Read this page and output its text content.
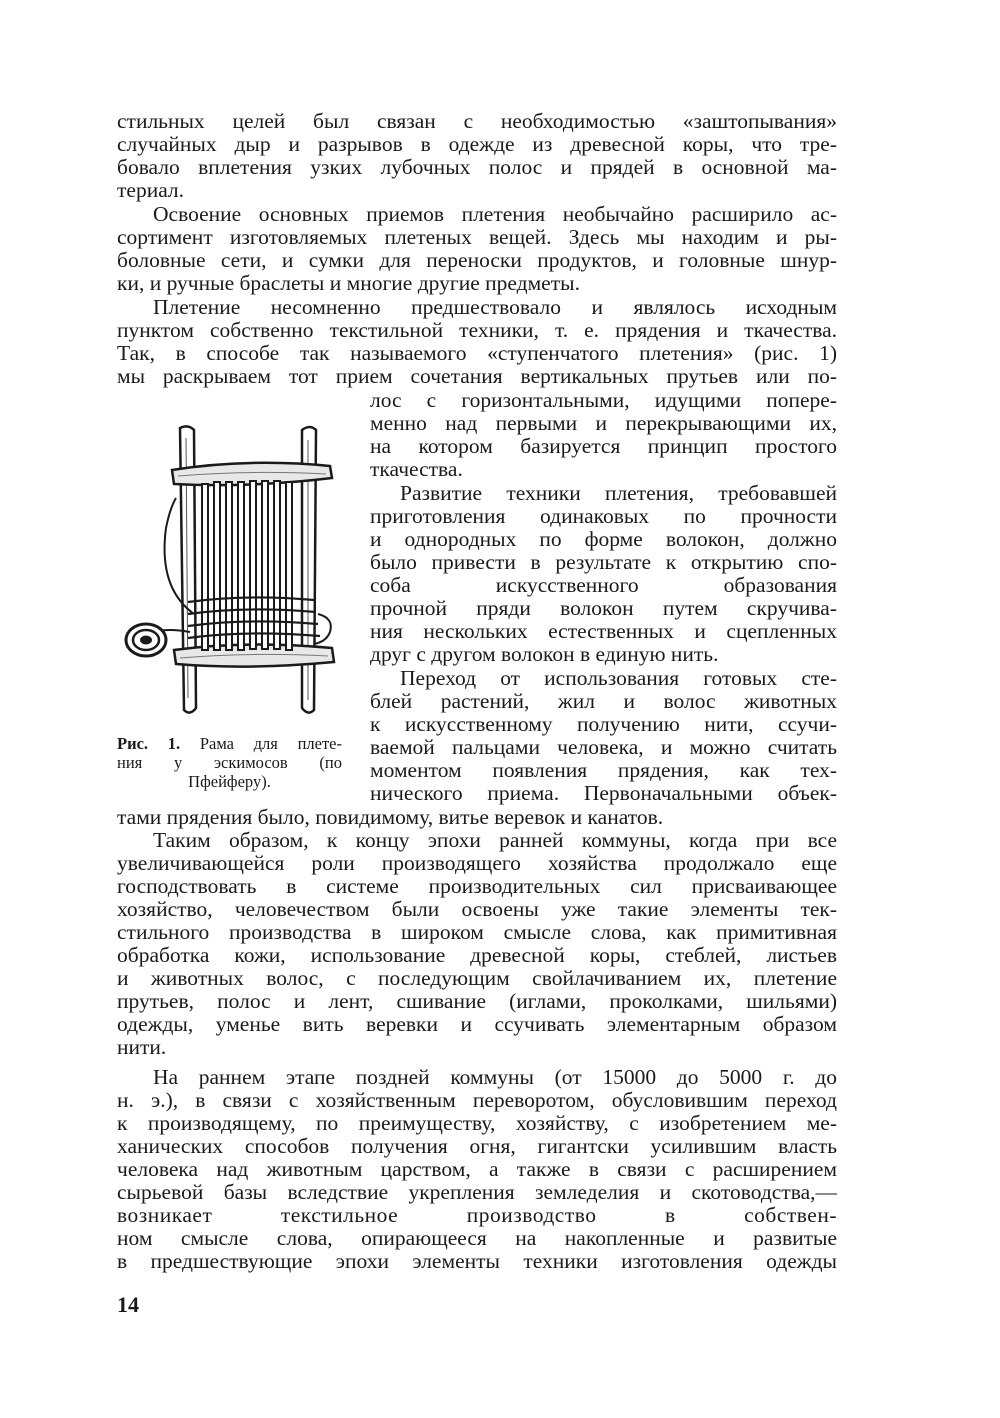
стильных целей был связан с необходимостью «заштопывания»
случайных дыр и разрывов в одежде из древесной коры, что тре-
бовало вплетения узких лубочных полос и прядей в основной ма-
териал.
Освоение основных приемов плетения необычайно расширило ас-
сортимент изготовляемых плетеных вещей. Здесь мы находим и ры-
боловные сети, и сумки для переноски продуктов, и головные шнур-
ки, и ручные браслеты и многие другие предметы.
Плетение несомненно предшествовало и являлось исходным
пунктом собственно текстильной техники, т. е. прядения и ткачества.
Так, в способе так называемого «ступенчатого плетения» (рис. 1)
мы раскрываем тот прием сочетания вертикальных прутьев или по-
Рис. 1. Рама для плете-
ния у эскимосов (по
Пфейферу).
лос с горизонтальными, идущими попере-
менно над первыми и перекрывающими их,
на котором базируется принцип простого
ткачества.
Развитие техники плетения, требовавшей
приготовления одинаковых по прочности
и однородных по форме волокон, должно
было привести в результате к открытию спо-
соба искусственного образования
прочной пряди волокон путем скручива-
ния нескольких естественных и сцепленных
друг с другом волокон в единую нить.
Переход от использования готовых сте-
блей растений, жил и волос животных
к искусственному получению нити, ссучи-
ваемой пальцами человека, и можно считать
моментом появления прядения, как тех-
нического приема. Первоначальными объек-
тами прядения было, повидимому, витье веревок и канатов.
Таким образом, к концу эпохи ранней коммуны, когда при все
увеличивающейся роли производящего хозяйства продолжало еще
господствовать в системе производительных сил присваивающее
хозяйство, человечеством были освоены уже такие элементы тек-
стильного производства в широком смысле слова, как примитивная
обработка кожи, использование древесной коры, стеблей, листьев
и животных волос, с последующим свойлачиванием их, плетение
прутьев, полос и лент, сшивание (иглами, проколками, шильями)
одежды, уменье вить веревки и ссучивать элементарным образом
нити.
На раннем этапе поздней коммуны (от 15000 до 5000 г. до
н. э.), в связи с хозяйственным переворотом, обусловившим переход
к производящему, по преимуществу, хозяйству, с изобретением ме-
ханических способов получения огня, гигантски усилившим власть
человека над животным царством, а также в связи с расширением
сырьевой базы вследствие укрепления земледелия и скотоводства,—
возникает текстильное производство в собствен-
ном смысле слова, опирающееся на накопленные и развитые
в предшествующие эпохи элементы техники изготовления одежды
14
